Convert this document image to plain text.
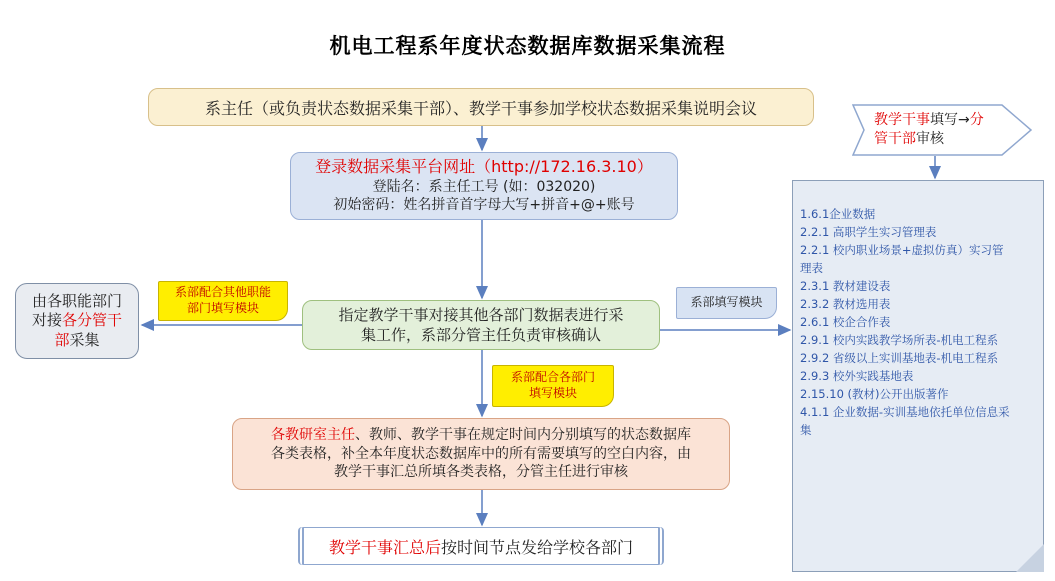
机电工程系年度状态数据库数据采集流程
系主任（或负责状态数据采集干部）、教学干事参加学校状态数据采集说明会议
登录数据采集平台网址（http://172.16.3.10）
登陆名：系主任工号 (如：032020)
初始密码：姓名拼音首字母大写+拼音+@+账号
指定教学干事对接其他各部门数据表进行采
集工作，系部分管主任负责审核确认
由各职能部门对接各分管干部采集
各教研室主任、教师、教学干事在规定时间内分别填写的状态数据库
各类表格，补全本年度状态数据库中的所有需要填写的空白内容，由
教学干事汇总所填各类表格，分管主任进行审核
教学干事汇总后 按时间节点发给学校各部门
系部配合其他职能
部门填写模块
系部配合各部门
填写模块
系部填写模块
教学干事填写→分
管干部审核
1.6.1企业数据
2.2.1 高职学生实习管理表
2.2.1 校内职业场景+虚拟仿真）实习管
理表
2.3.1 教材建设表
2.3.2 教材选用表
2.6.1 校企合作表
2.9.1 校内实践教学场所表-机电工程系
2.9.2 省级以上实训基地表-机电工程系
2.9.3 校外实践基地表
2.15.10 (教材)公开出版著作
4.1.1 企业数据-实训基地依托单位信息采
集
